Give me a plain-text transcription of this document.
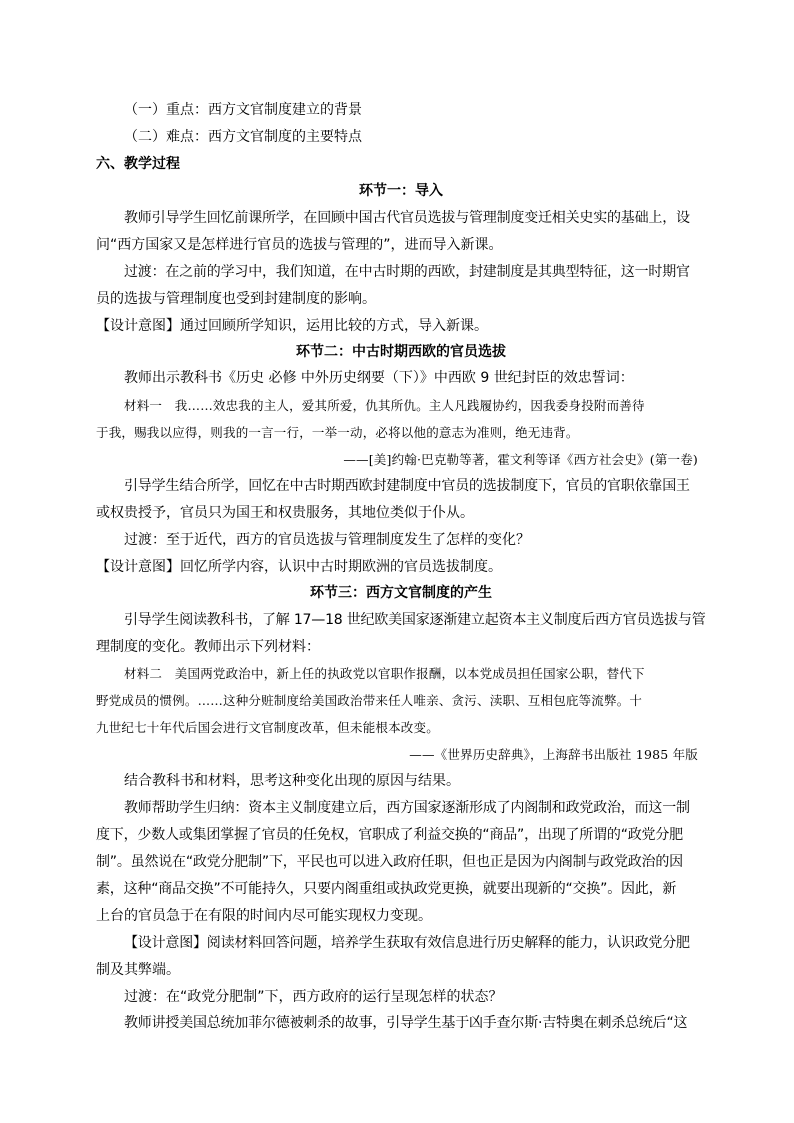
（一）重点：西方文官制度建立的背景
（二）难点：西方文官制度的主要特点
六、教学过程
环节一：导入
教师引导学生回忆前课所学，在回顾中国古代官员选拔与管理制度变迁相关史实的基础上，设
问“西方国家又是怎样进行官员的选拔与管理的”，进而导入新课。
过渡：在之前的学习中，我们知道，在中古时期的西欧，封建制度是其典型特征，这一时期官
员的选拔与管理制度也受到封建制度的影响。
【设计意图】通过回顾所学知识，运用比较的方式，导入新课。
环节二：中古时期西欧的官员选拔
教师出示教科书《历史 必修 中外历史纲要（下）》中西欧 9 世纪封臣的效忠誓词：
材料一　我……效忠我的主人，爱其所爱，仇其所仇。主人凡践履协约，因我委身投附而善待
于我，赐我以应得，则我的一言一行，一举一动，必将以他的意志为准则，绝无违背。
——[美]约翰·巴克勒等著，霍文利等译《西方社会史》(第一卷)
引导学生结合所学，回忆在中古时期西欧封建制度中官员的选拔制度下，官员的官职依靠国王
或权贵授予，官员只为国王和权贵服务，其地位类似于仆从。
过渡：至于近代，西方的官员选拔与管理制度发生了怎样的变化？
【设计意图】回忆所学内容，认识中古时期欧洲的官员选拔制度。
环节三：西方文官制度的产生
引导学生阅读教科书，了解 17—18 世纪欧美国家逐渐建立起资本主义制度后西方官员选拔与管
理制度的变化。教师出示下列材料：
材料二　美国两党政治中，新上任的执政党以官职作报酬，以本党成员担任国家公职，替代下
野党成员的惯例。……这种分赃制度给美国政治带来任人唯亲、贪污、渎职、互相包庇等流弊。十
九世纪七十年代后国会进行文官制度改革，但未能根本改变。
——《世界历史辞典》，上海辞书出版社 1985 年版
结合教科书和材料，思考这种变化出现的原因与结果。
教师帮助学生归纳：资本主义制度建立后，西方国家逐渐形成了内阁制和政党政治，而这一制
度下，少数人或集团掌握了官员的任免权，官职成了利益交换的“商品”，出现了所谓的“政党分肥
制”。虽然说在“政党分肥制”下，平民也可以进入政府任职，但也正是因为内阁制与政党政治的因
素，这种“商品交换”不可能持久，只要内阁重组或执政党更换，就要出现新的“交换”。因此，新
上台的官员急于在有限的时间内尽可能实现权力变现。
【设计意图】阅读材料回答问题，培养学生获取有效信息进行历史解释的能力，认识政党分肥
制及其弊端。
过渡：在“政党分肥制”下，西方政府的运行呈现怎样的状态？
教师讲授美国总统加菲尔德被刺杀的故事，引导学生基于凶手查尔斯·吉特奥在刺杀总统后“这
